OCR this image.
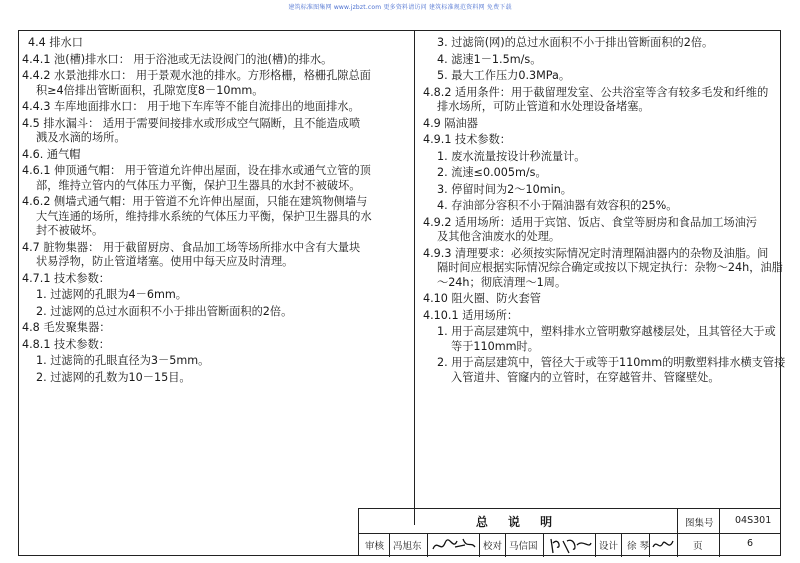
建筑标准图集网 www.jzbzt.com 更多资料请访问 建筑标准规范资料网 免费下载

4.4 排水口

4.4.1 池(槽)排水口： 用于浴池或无法设阀门的池(槽)的排水。

4.4.2 水景池排水口： 用于景观水池的排水。方形格栅，格栅孔隙总面

积≥4倍排出管断面积，孔隙宽度8－10mm。

4.4.3 车库地面排水口： 用于地下车库等不能自流排出的地面排水。

4.5 排水漏斗： 适用于需要间接排水或形成空气隔断，且不能造成喷

溅及水滴的场所。

4.6. 通气帽

4.6.1 伸顶通气帽： 用于管道允许伸出屋面，设在排水或通气立管的顶

部，维持立管内的气体压力平衡，保护卫生器具的水封不被破坏。

4.6.2 侧墙式通气帽：用于管道不允许伸出屋面，只能在建筑物侧墙与

大气连通的场所，维持排水系统的气体压力平衡，保护卫生器具的水

封不被破坏。

4.7 脏物集器： 用于截留厨房、食品加工场等场所排水中含有大量块

状易浮物，防止管道堵塞。使用中每天应及时清理。

4.7.1 技术参数：

1. 过滤网的孔眼为4－6mm。

2. 过滤网的总过水面积不小于排出管断面积的2倍。

4.8 毛发聚集器：

4.8.1 技术参数：

1. 过滤筒的孔眼直径为3－5mm。

2. 过滤网的孔数为10－15目。

3. 过滤筒(网)的总过水面积不小于排出管断面积的2倍。

4. 滤速1－1.5m/s。

5. 最大工作压力0.3MPa。

4.8.2 适用条件：用于截留理发室、公共浴室等含有较多毛发和纤维的

排水场所，可防止管道和水处理设备堵塞。

4.9 隔油器

4.9.1 技术参数：

1. 废水流量按设计秒流量计。

2. 流速≤0.005m/s。

3. 停留时间为2～10min。

4. 存油部分容积不小于隔油器有效容积的25%。

4.9.2 适用场所：适用于宾馆、饭店、食堂等厨房和食品加工场油污

及其他含油废水的处理。

4.9.3 清理要求：必须按实际情况定时清理隔油器内的杂物及油脂。间

隔时间应根据实际情况综合确定或按以下规定执行：杂物～24h，油脂

～24h；彻底清理～1周。

4.10 阻火圈、防火套管

4.10.1 适用场所：

1. 用于高层建筑中，塑料排水立管明敷穿越楼层处，且其管径大于或

等于110mm时。

2. 用于高层建筑中，管径大于或等于110mm的明敷塑料排水横支管接

入管道井、管窿内的立管时，在穿越管井、管窿壁处。

总 说 明	图集号 04S301
审核 冯旭东	校对 马信国	设计 徐 琴	页	6
